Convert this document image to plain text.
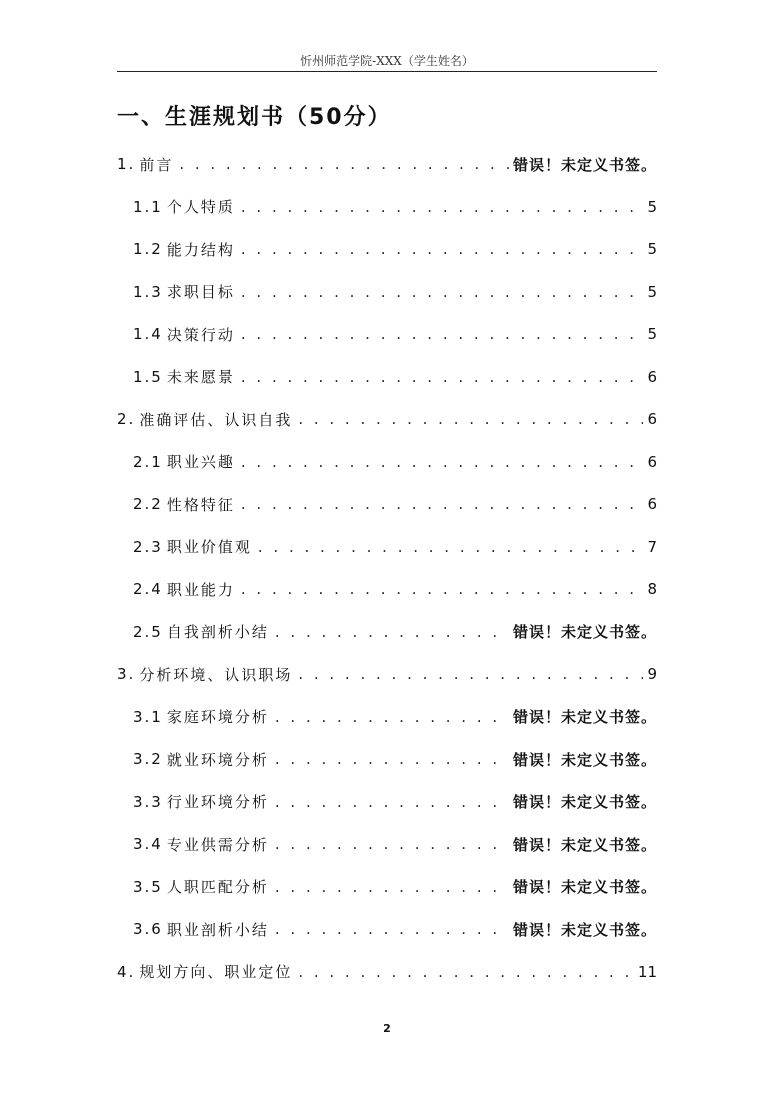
忻州师范学院-XXX（学生姓名）
一、生涯规划书（50分）
1. 前言 . . .	错误！未定义书签。
1.1 个人特质 . . .	5
1.2 能力结构 . . .	5
1.3 求职目标 . . .	5
1.4 决策行动 . . .	5
1.5 未来愿景 . . .	6
2. 准确评估、认识自我 . . .	6
2.1 职业兴趣 . . .	6
2.2 性格特征 . . .	6
2.3 职业价值观 . . .	7
2.4 职业能力 . . .	8
2.5 自我剖析小结 . . .	错误！未定义书签。
3. 分析环境、认识职场 . . .	9
3.1 家庭环境分析 . . .	错误！未定义书签。
3.2 就业环境分析 . . .	错误！未定义书签。
3.3 行业环境分析 . . .	错误！未定义书签。
3.4 专业供需分析 . . .	错误！未定义书签。
3.5 人职匹配分析 . . .	错误！未定义书签。
3.6 职业剖析小结 . . .	错误！未定义书签。
4. 规划方向、职业定位 . . .	11
2
